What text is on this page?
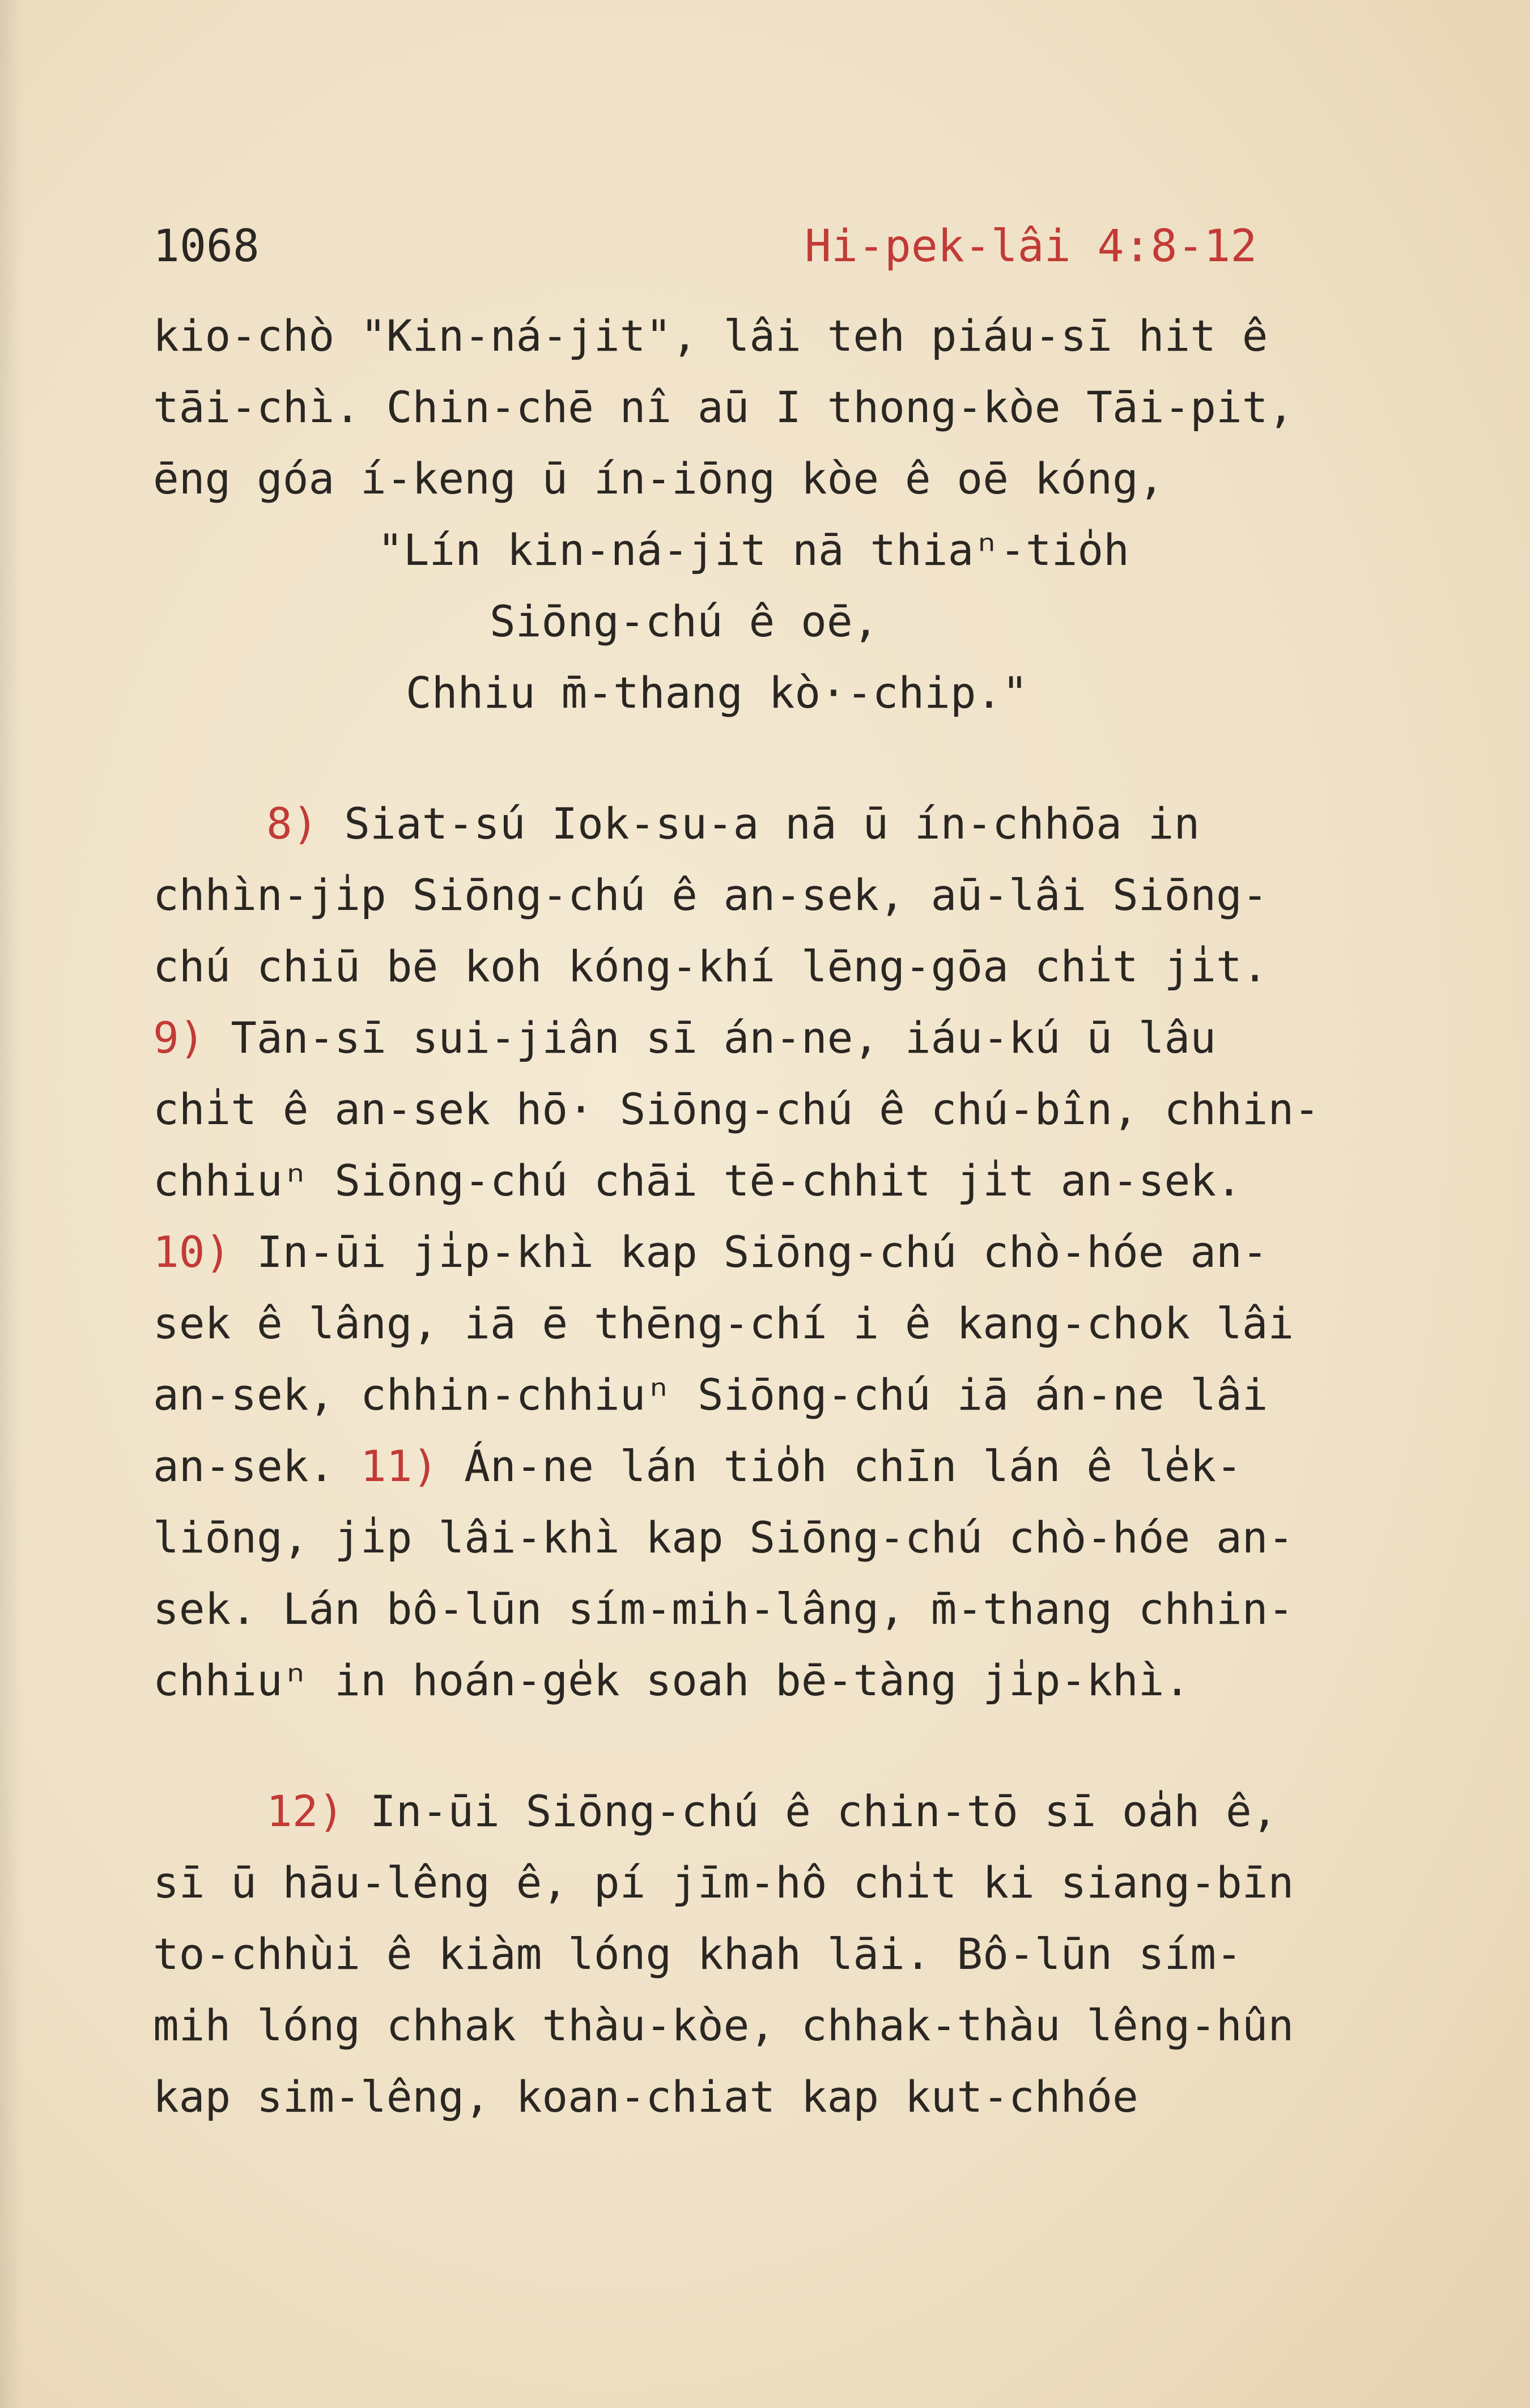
1068	Hi-pek-lâi 4:8-12
kio-chò "Kin-ná-jit", lâi teh piáu-sī hit ê
tāi-chì. Chin-chē nî aū I thong-kòe Tāi-pit,
ēng góa í-keng ū ín-iōng kòe ê oē kóng,
"Lín kin-ná-jit nā thiaⁿ-tio̍h
Siōng-chú ê oē,
Chhiu m̄-thang kò·-chip."
8) Siat-sú Iok-su-a nā ū ín-chhōa in
chhìn-ji̍p Siōng-chú ê an-sek, aū-lâi Siōng-
chú chiū bē koh kóng-khí lēng-gōa chi̍t ji̍t.
9) Tān-sī sui-jiân sī án-ne, iáu-kú ū lâu
chi̍t ê an-sek hō· Siōng-chú ê chú-bîn, chhin-
chhiuⁿ Siōng-chú chāi tē-chhit ji̍t an-sek.
10) In-ūi ji̍p-khì kap Siōng-chú chò-hóe an-
sek ê lâng, iā ē thēng-chí i ê kang-chok lâi
an-sek, chhin-chhiuⁿ Siōng-chú iā án-ne lâi
an-sek. 11) Án-ne lán tio̍h chīn lán ê le̍k-
liōng, ji̍p lâi-khì kap Siōng-chú chò-hóe an-
sek. Lán bô-lūn sím-mih-lâng, m̄-thang chhin-
chhiuⁿ in hoán-ge̍k soah bē-tàng ji̍p-khì.
12) In-ūi Siōng-chú ê chin-tō sī oa̍h ê,
sī ū hāu-lêng ê, pí jīm-hô chi̍t ki siang-bīn
to-chhùi ê kiàm lóng khah lāi. Bô-lūn sím-
mih lóng chhak thàu-kòe, chhak-thàu lêng-hûn
kap sim-lêng, koan-chiat kap kut-chhóe
